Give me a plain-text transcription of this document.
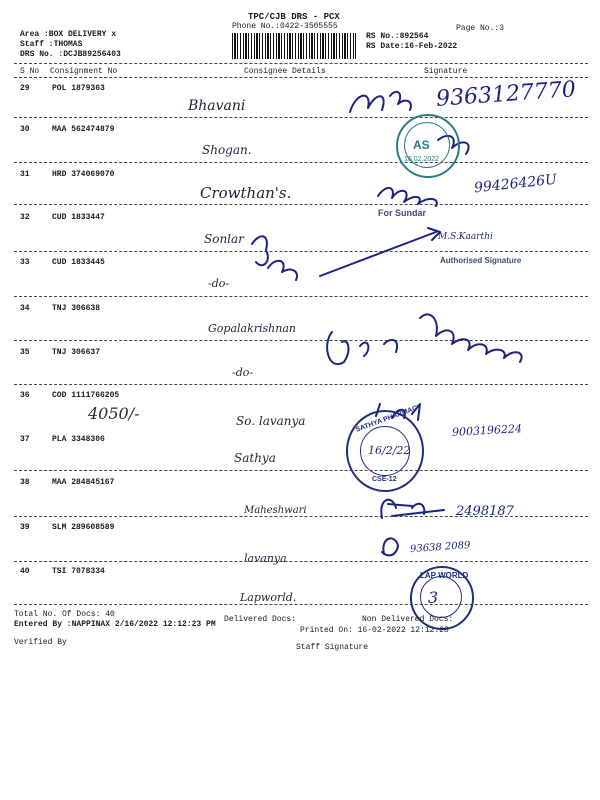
TPC/CJB DRS - PCX
Phone No.:0422-3505555	Page No.:3
Area :BOX DELIVERY x
Staff :THOMAS
DRS No. :DCJB89256403
RS No.:892564
RS Date:16-Feb-2022
S No Consignment No	Consignee Details	Signature
29	POL 1879363
Bhavani	9363127770
30	MAA 562474879
Shogan.
31	HRD 374069070
Crowthan's.	99426426U
32	CUD 1833447
Sonlar
33	CUD 1833445
-do-
34	TNJ 306638
Gopalakrishnan
35	TNJ 306637
-do-
36	COD 1111766205
So. lavanya
9003196224
4050/-
37	PLA 3348306
Sathya
38	MAA 284845167
Maheshwari	2498187
39	SLM 289608589
lavanya
93638 2089
40	TSI 7078334
Lapworld.
For Sundar
Authorised Signature
M.S.Kaarthi
AS
16.02.2022
SATHYA PHARMACY
16/2/22
CSE-12
LAP WORLD
3
Total No. Of Docs: 40
Delivered Docs:	Non Delivered Docs:
Entered By :NAPPINAX 2/16/2022 12:12:23 PM
Printed On: 16-02-2022 12:12:28
Verified By
Staff Signature
